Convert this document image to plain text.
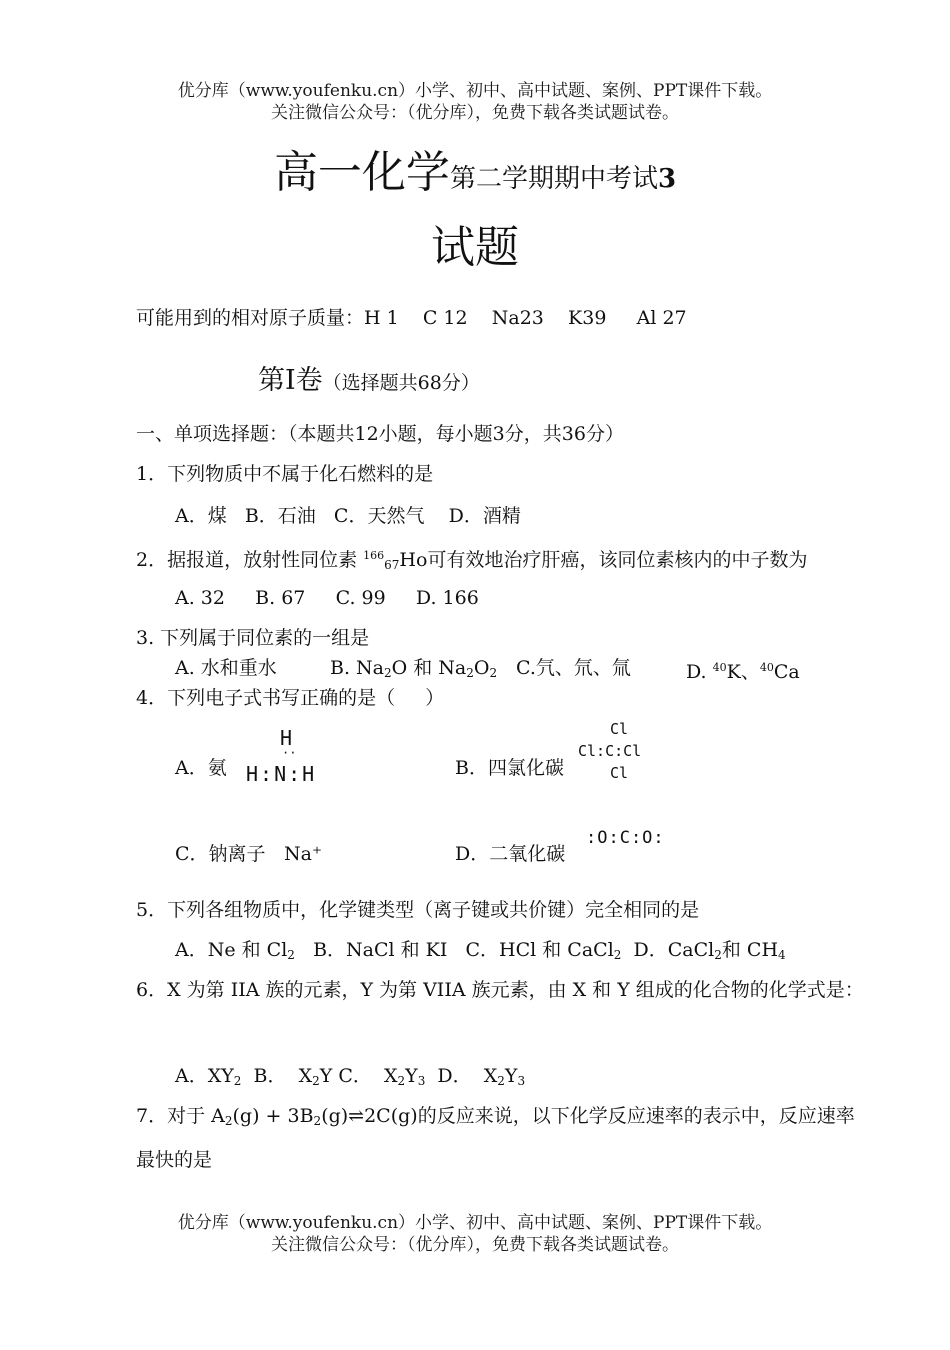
优分库（www.youfenku.cn）小学、初中、高中试题、案例、PPT课件下载。
关注微信公众号：（优分库），免费下载各类试题试卷。
高一化学第二学期期中考试3
试题
可能用到的相对原子质量：H 1    C 12    Na23    K39     Al 27
第Ⅰ卷（选择题共68分）
一、单项选择题：（本题共12小题，每小题3分，共36分）
1．下列物质中不属于化石燃料的是
A．煤   B．石油   C．天然气    D．酒精
2．据报道，放射性同位素 $^{166}_{67}$Ho可有效地治疗肝癌，该同位素核内的中子数为
A. 32     B. 67     C. 99     D. 166
3. 下列属于同位素的一组是
A. 水和重水	B. $Na_2O$ 和 $Na_2O_2$ C.氕、氘、氚	D. $^{40}$K、$^{40}$Ca
4．下列电子式书写正确的是（     ）
A．氨
H
··
H:N:H	B．四氯化碳
Cl
Cl:C:Cl
Cl
C．钠离子 Na⁺	D．二氧化碳
:O:C:O:
5．下列各组物质中，化学键类型（离子键或共价键）完全相同的是
A．Ne 和 $Cl_2$ B．NaCl 和 KI C．HCl 和 CaCl$_2$ D．CaCl$_2$和 $CH_4$
6．X 为第 IIA 族的元素，Y 为第 VIIA 族元素，由 X 和 Y 组成的化合物的化学式是：
A．$XY_2$ B．  $X_2Y$ C．  $X_2Y_3$ D．  $X_2Y_3$
7．对于 $A_2(g)$ + $3B_2(g)\rightleftharpoons 2C(g)$的反应来说，以下化学反应速率的表示中，反应速率
最快的是
优分库（www.youfenku.cn）小学、初中、高中试题、案例、PPT课件下载。
关注微信公众号：（优分库），免费下载各类试题试卷。
